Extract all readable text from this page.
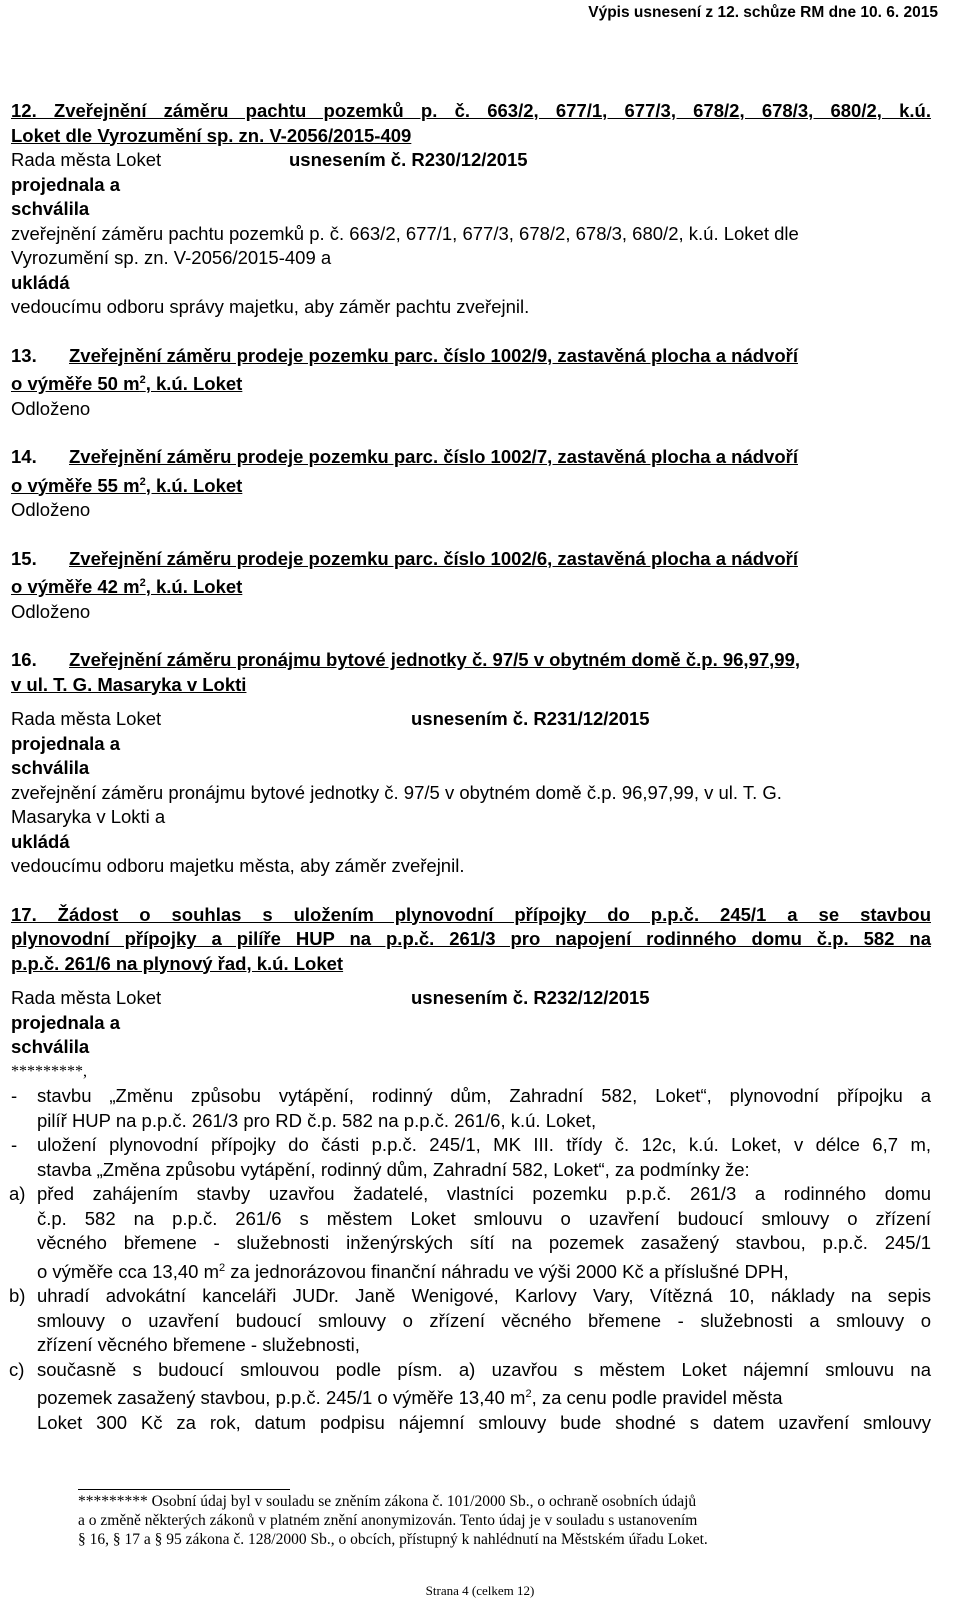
Výpis usnesení z 12. schůze RM dne 10. 6. 2015
12. Zveřejnění záměru pachtu pozemků p. č. 663/2, 677/1, 677/3, 678/2, 678/3, 680/2, k.ú.
Loket dle Vyrozumění sp. zn. V-2056/2015-409
Rada města Loket	usnesením č. R230/12/2015
projednala a
schválila
zveřejnění záměru pachtu pozemků p. č. 663/2, 677/1, 677/3, 678/2, 678/3, 680/2, k.ú. Loket dle
Vyrozumění sp. zn. V-2056/2015-409 a
ukládá
vedoucímu odboru správy majetku, aby záměr pachtu zveřejnil.
13. Zveřejnění záměru prodeje pozemku parc. číslo 1002/9, zastavěná plocha a nádvoří
o výměře 50 $m^2$, k.ú. Loket
Odloženo
14. Zveřejnění záměru prodeje pozemku parc. číslo 1002/7, zastavěná plocha a nádvoří
o výměře 55 $m^2$, k.ú. Loket
Odloženo
15. Zveřejnění záměru prodeje pozemku parc. číslo 1002/6, zastavěná plocha a nádvoří
o výměře 42 $m^2$, k.ú. Loket
Odloženo
16. Zveřejnění záměru pronájmu bytové jednotky č. 97/5 v obytném domě č.p. 96,97,99,
v ul. T. G. Masaryka v Lokti
Rada města Loket	usnesením č. R231/12/2015
projednala a
schválila
zveřejnění záměru pronájmu bytové jednotky č. 97/5 v obytném domě č.p. 96,97,99, v ul. T. G.
Masaryka v Lokti a
ukládá
vedoucímu odboru majetku města, aby záměr zveřejnil.
17. Žádost o souhlas s uložením plynovodní přípojky do p.p.č. 245/1 a se stavbou
plynovodní přípojky a pilíře HUP na p.p.č. 261/3 pro napojení rodinného domu č.p. 582 na
p.p.č. 261/6 na plynový řad, k.ú. Loket
Rada města Loket	usnesením č. R232/12/2015
projednala a
schválila
*********,
- stavbu „Změnu způsobu vytápění, rodinný dům, Zahradní 582, Loket“, plynovodní přípojku a
pilíř HUP na p.p.č. 261/3 pro RD č.p. 582 na p.p.č. 261/6, k.ú. Loket,
- uložení plynovodní přípojky do části p.p.č. 245/1, MK III. třídy č. 12c, k.ú. Loket, v délce 6,7 m,
stavba „Změna způsobu vytápění, rodinný dům, Zahradní 582, Loket“, za podmínky že:
a) před zahájením stavby uzavřou žadatelé, vlastníci pozemku p.p.č. 261/3 a rodinného domu
č.p. 582 na p.p.č. 261/6 s městem Loket smlouvu o uzavření budoucí smlouvy o zřízení
věcného břemene - služebnosti inženýrských sítí na pozemek zasažený stavbou, p.p.č. 245/1
o výměře cca 13,40 $m^2$ za jednorázovou finanční náhradu ve výši 2000 Kč a příslušné DPH,
b) uhradí advokátní kanceláři JUDr. Janě Wenigové, Karlovy Vary, Vítězná 10, náklady na sepis
smlouvy o uzavření budoucí smlouvy o zřízení věcného břemene - služebnosti a smlouvy o
zřízení věcného břemene - služebnosti,
c) současně s budoucí smlouvou podle písm. a) uzavřou s městem Loket nájemní smlouvu na
pozemek zasažený stavbou, p.p.č. 245/1 o výměře 13,40 $m^2$, za cenu podle pravidel města
Loket 300 Kč za rok, datum podpisu nájemní smlouvy bude shodné s datem uzavření smlouvy
********* Osobní údaj byl v souladu se zněním zákona č. 101/2000 Sb., o ochraně osobních údajů
a o změně některých zákonů v platném znění anonymizován. Tento údaj je v souladu s ustanovením
§ 16, § 17 a § 95 zákona č. 128/2000 Sb., o obcích, přístupný k nahlédnutí na Městském úřadu Loket.
Strana 4 (celkem 12)
